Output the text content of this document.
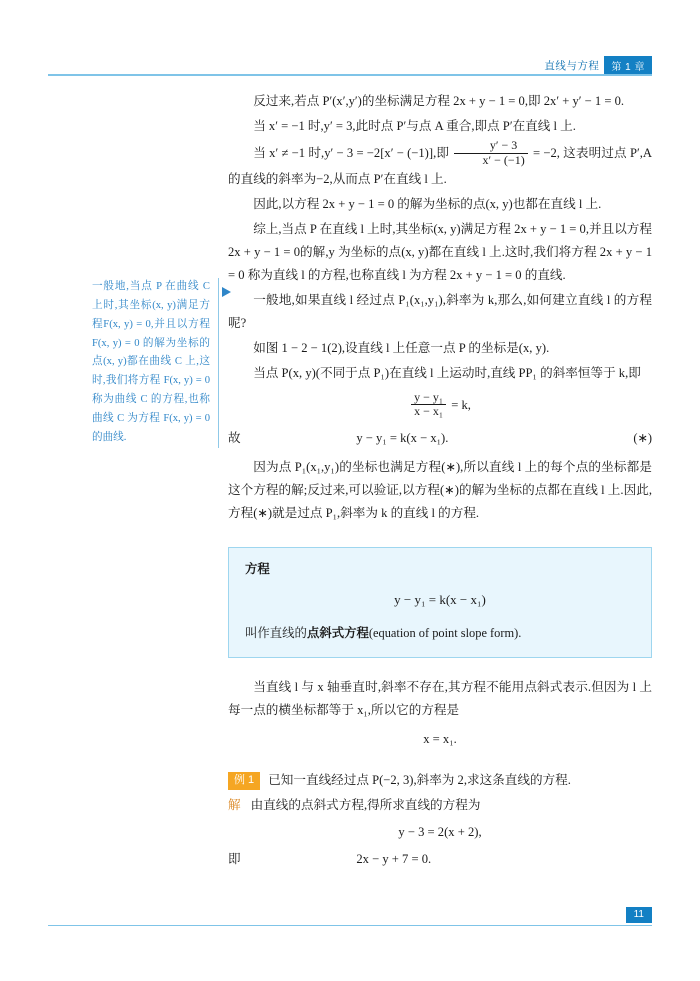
直线与方程	第 1 章
一般地,当点 P 在曲线 C 上时,其坐标(x, y)满足方程F(x, y) = 0,并且以方程 F(x, y) = 0 的解为坐标的点(x, y)都在曲线 C 上,这时,我们将方程 F(x, y) = 0称为曲线 C 的方程,也称曲线 C 为方程 F(x, y) = 0的曲线.

反过来,若点 P′(x′,y′)的坐标满足方程 2x + y − 1 = 0,即 2x′ + y′ − 1 = 0.

当 x′ = −1 时,y′ = 3,此时点 P′与点 A 重合,即点 P′在直线 l 上.

当 x′ ≠ −1 时,y′ − 3 = −2[x′ − (−1)],即 $\frac{y' - 3}{x' - (-1)} = -2$, 这表明过点 P′,A 的直线的斜率为−2,从而点 P′在直线 l 上.

因此,以方程 2x + y − 1 = 0 的解为坐标的点(x, y)也都在直线 l 上.

综上,当点 P 在直线 l 上时,其坐标(x, y)满足方程 2x + y − 1 = 0,并且以方程 2x + y − 1 = 0的解,y 为坐标的点(x, y)都在直线 l 上.这时,我们将方程 2x + y − 1 = 0 称为直线 l 的方程,也称直线 l 为方程 2x + y − 1 = 0 的直线.

一般地,如果直线 l 经过点 P₁(x₁,y₁),斜率为 k,那么,如何建立直线 l 的方程呢?

如图 1 − 2 − 1(2),设直线 l 上任意一点 P 的坐标是(x, y).

当点 P(x, y)(不同于点 P₁)在直线 l 上运动时,直线 PP₁ 的斜率恒等于 k,即

$\frac{\text{y − y₁}}{\text{x − x₁}} = k$,
故	y − y₁ = k(x − x₁).	(∗)

因为点 P₁(x₁,y₁)的坐标也满足方程(∗),所以直线 l 上的每个点的坐标都是这个方程的解;反过来,可以验证,以方程(∗)的解为坐标的点都在直线 l 上.因此,方程(∗)就是过点 P₁,斜率为 k 的直线 l 的方程.

方程
y − y₁ = k(x − x₁)
叫作直线的点斜式方程(equation of point slope form).

当直线 l 与 x 轴垂直时,斜率不存在,其方程不能用点斜式表示.但因为 l 上每一点的横坐标都等于 x₁,所以它的方程是

x = x₁.
例 1	已知一直线经过点 P(−2, 3),斜率为 2,求这条直线的方程.
解 由直线的点斜式方程,得所求直线的方程为
y − 3 = 2(x + 2),
即	2x − y + 7 = 0.
11
